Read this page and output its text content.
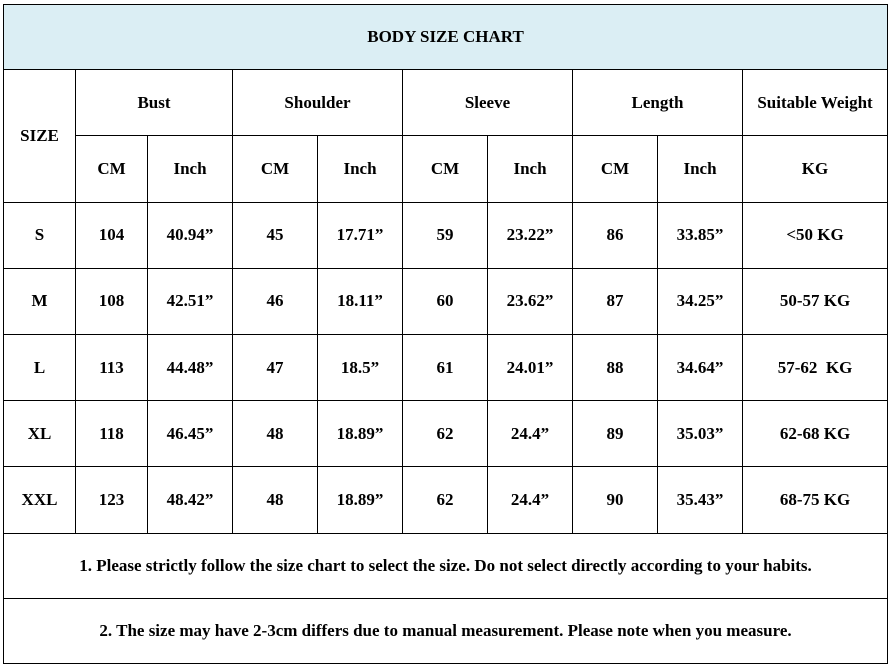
BODY SIZE CHART									
SIZE	Bust		Shoulder		Sleeve		Length		Suitable Weight
	CM	Inch	CM	Inch	CM	Inch	CM	Inch	KG
S	104	40.94”	45	17.71”	59	23.22”	86	33.85”	<50 KG
M	108	42.51”	46	18.11”	60	23.62”	87	34.25”	50-57 KG
L	113	44.48”	47	18.5”	61	24.01”	88	34.64”	57-62  KG
XL	118	46.45”	48	18.89”	62	24.4”	89	35.03”	62-68 KG
XXL	123	48.42”	48	18.89”	62	24.4”	90	35.43”	68-75 KG
1. Please strictly follow the size chart to select the size. Do not select directly according to your habits.									
2. The size may have 2-3cm differs due to manual measurement. Please note when you measure.									
